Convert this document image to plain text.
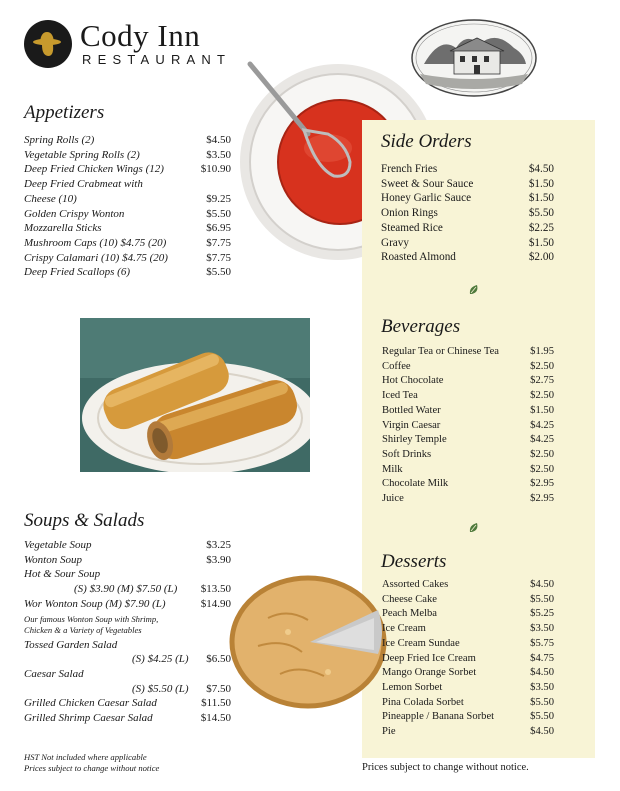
Cody Inn
RESTAURANT
Appetizers
Spring Rolls (2)	$4.50
Vegetable Spring Rolls (2)	$3.50
Deep Fried Chicken Wings (12)	$10.90
Deep Fried Crabmeat with
Cheese (10)	$9.25
Golden Crispy Wonton	$5.50
Mozzarella Sticks	$6.95
Mushroom Caps (10) $4.75 (20)	$7.75
Crispy Calamari (10) $4.75 (20)	$7.75
Deep Fried Scallops (6)	$5.50
Soups & Salads
Vegetable Soup	$3.25
Wonton Soup	$3.90
Hot & Sour Soup
(S) $3.90 (M) $7.50 (L) $13.50
Wor Wonton Soup (M) $7.90 (L)	$14.90
Our famous Wonton Soup with Shrimp,
Chicken & a Variety of Vegetables
Tossed Garden Salad
(S) $4.25 (L) $6.50
Caesar Salad
(S) $5.50 (L) $7.50
Grilled Chicken Caesar Salad	$11.50
Grilled Shrimp Caesar Salad	$14.50
Side Orders
French Fries	$4.50
Sweet & Sour Sauce	$1.50
Honey Garlic Sauce	$1.50
Onion Rings	$5.50
Steamed Rice	$2.25
Gravy	$1.50
Roasted Almond	$2.00
Beverages
Regular Tea or Chinese Tea	$1.95
Coffee	$2.50
Hot Chocolate	$2.75
Iced Tea	$2.50
Bottled Water	$1.50
Virgin Caesar	$4.25
Shirley Temple	$4.25
Soft Drinks	$2.50
Milk	$2.50
Chocolate Milk	$2.95
Juice	$2.95
Desserts
Assorted Cakes	$4.50
Cheese Cake	$5.50
Peach Melba	$5.25
Ice Cream	$3.50
Ice Cream Sundae	$5.75
Deep Fried Ice Cream	$4.75
Mango Orange Sorbet	$4.50
Lemon Sorbet	$3.50
Pina Colada Sorbet	$5.50
Pineapple / Banana Sorbet	$5.50
Pie	$4.50
HST Not included where applicable
Prices subject to change without notice	Prices subject to change without notice.
